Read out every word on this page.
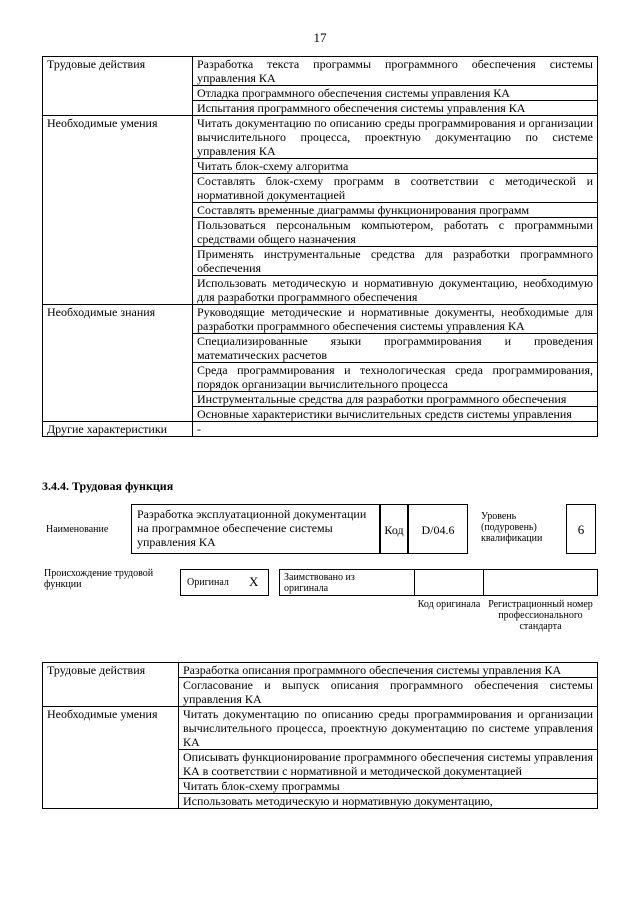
17
Трудовые действия	Разработка текста программы программного обеспечения системы управления КА
	Отладка программного обеспечения системы управления КА
	Испытания программного обеспечения системы управления КА
Необходимые умения	Читать документацию по описанию среды программирования и организации вычислительного процесса, проектную документацию по системе управления КА
	Читать блок-схему алгоритма
	Составлять блок-схему программ в соответствии с методической и нормативной документацией
	Составлять временные диаграммы функционирования программ
	Пользоваться персональным компьютером, работать с программными средствами общего назначения
	Применять инструментальные средства для разработки программного обеспечения
	Использовать методическую и нормативную документацию, необходимую для разработки программного обеспечения
Необходимые знания	Руководящие методические и нормативные документы, необходимые для разработки программного обеспечения системы управления КА
	Специализированные языки программирования и проведения математических расчетов
	Среда программирования и технологическая среда программирования, порядок организации вычислительного процесса
	Инструментальные средства для разработки программного обеспечения
	Основные характеристики вычислительных средств системы управления
Другие характеристики	-
3.4.4. Трудовая функция
Наименование
Разработка эксплуатационной документации на программное обеспечение системы управления КА
Код	D/04.6
Уровень (подуровень) квалификации
6
Происхождение трудовой функции	Оригинал X	Заимствовано из оригинала
Код оригинала Регистрационный номер профессионального стандарта
Трудовые действия	Разработка описания программного обеспечения системы управления КА
	Согласование и выпуск описания программного обеспечения системы управления КА
Необходимые умения	Читать документацию по описанию среды программирования и организации вычислительного процесса, проектную документацию по системе управления КА
	Описывать функционирование программного обеспечения системы управления КА в соответствии с нормативной и методической документацией
	Читать блок-схему программы
	Использовать методическую и нормативную документацию,
